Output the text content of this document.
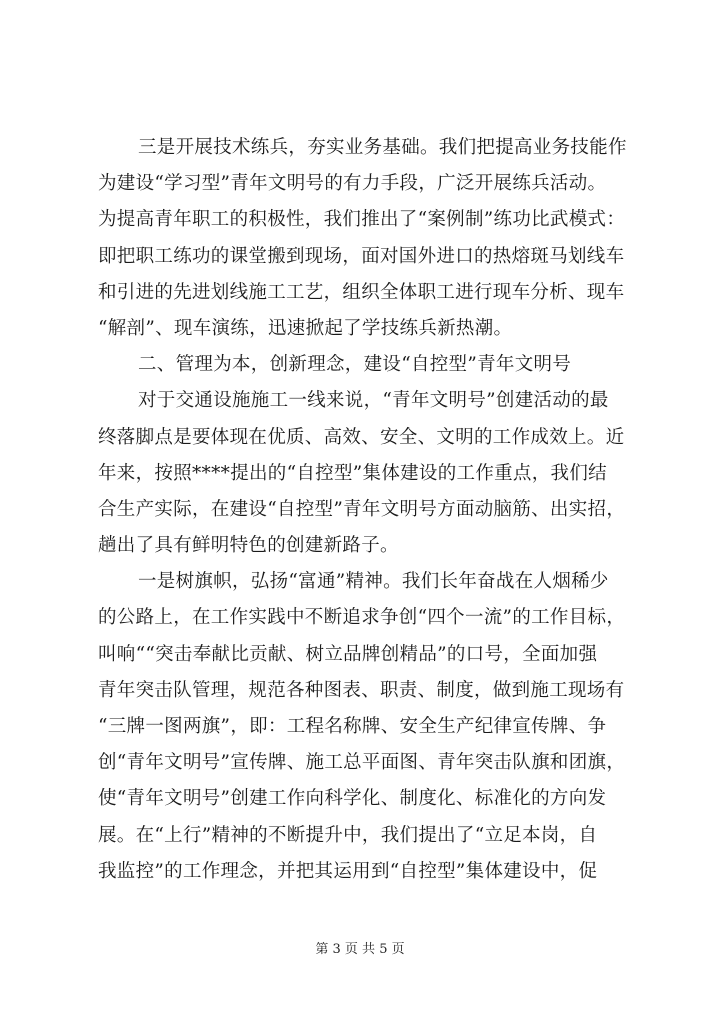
三是开展技术练兵，夯实业务基础。我们把提高业务技能作
为建设“学习型”青年文明号的有力手段，广泛开展练兵活动。
为提高青年职工的积极性，我们推出了“案例制”练功比武模式：
即把职工练功的课堂搬到现场，面对国外进口的热熔斑马划线车
和引进的先进划线施工工艺，组织全体职工进行现车分析、现车
“解剖”、现车演练，迅速掀起了学技练兵新热潮。
二、管理为本，创新理念，建设“自控型”青年文明号
对于交通设施施工一线来说，“青年文明号”创建活动的最
终落脚点是要体现在优质、高效、安全、文明的工作成效上。近
年来，按照****提出的“自控型”集体建设的工作重点，我们结
合生产实际，在建设“自控型”青年文明号方面动脑筋、出实招，
趟出了具有鲜明特色的创建新路子。
一是树旗帜，弘扬“富通”精神。我们长年奋战在人烟稀少
的公路上，在工作实践中不断追求争创“四个一流”的工作目标，
叫响““突击奉献比贡献、树立品牌创精品”的口号，全面加强
青年突击队管理，规范各种图表、职责、制度，做到施工现场有
“三牌一图两旗”，即：工程名称牌、安全生产纪律宣传牌、争
创“青年文明号”宣传牌、施工总平面图、青年突击队旗和团旗，
使“青年文明号”创建工作向科学化、制度化、标准化的方向发
展。在“上行”精神的不断提升中，我们提出了“立足本岗，自
我监控”的工作理念，并把其运用到“自控型”集体建设中，促
第 3 页 共 5 页
